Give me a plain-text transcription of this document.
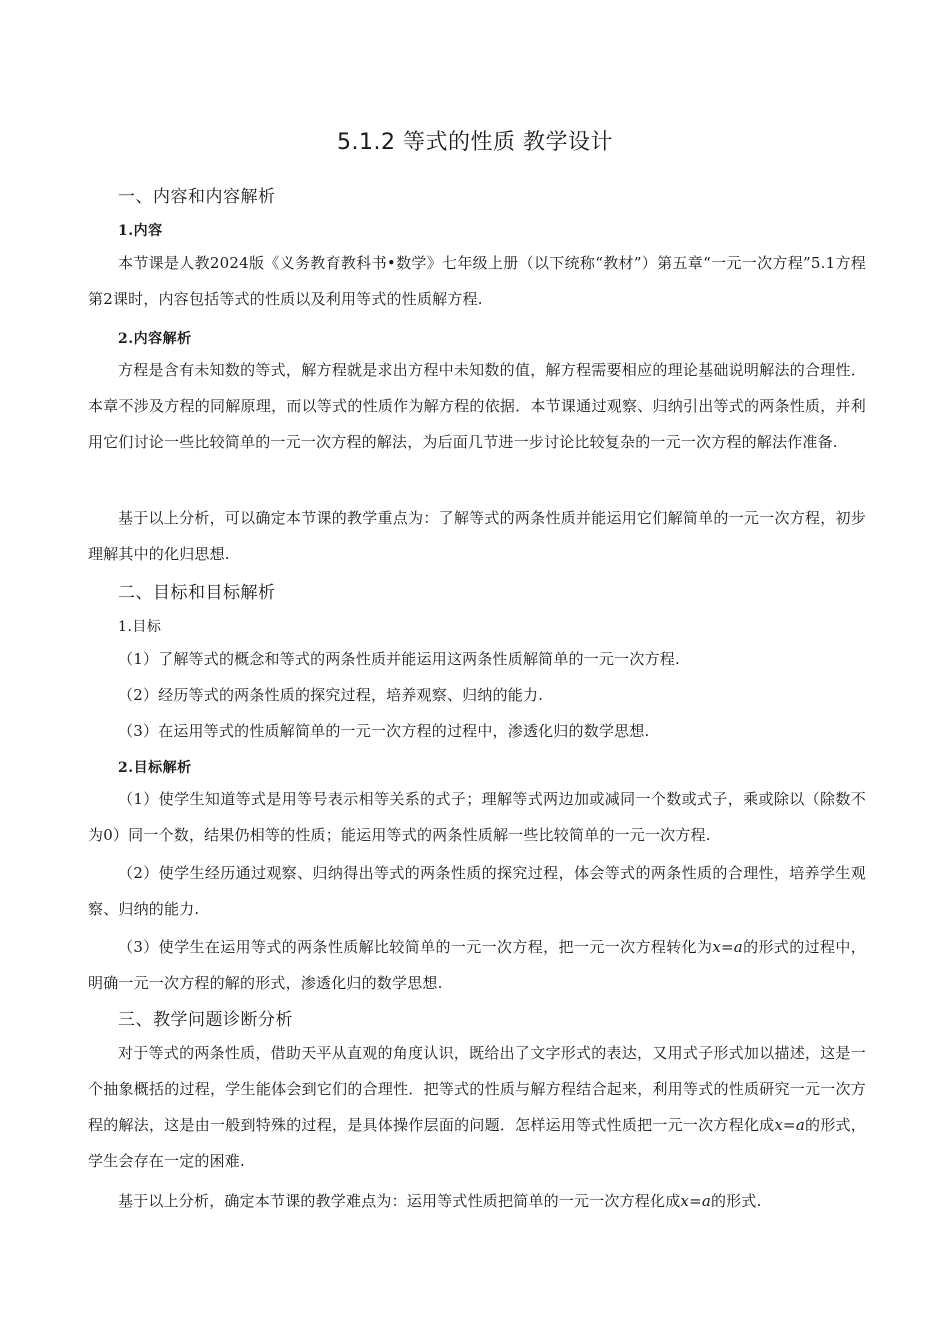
5.1.2 等式的性质 教学设计
一、内容和内容解析
1.内容
本节课是人教2024版《义务教育教科书•数学》七年级上册（以下统称“教材”）第五章“一元一次方程”5.1方程第2课时，内容包括等式的性质以及利用等式的性质解方程.
2.内容解析
方程是含有未知数的等式，解方程就是求出方程中未知数的值，解方程需要相应的理论基础说明解法的合理性．本章不涉及方程的同解原理，而以等式的性质作为解方程的依据．本节课通过观察、归纳引出等式的两条性质，并利用它们讨论一些比较简单的一元一次方程的解法，为后面几节进一步讨论比较复杂的一元一次方程的解法作准备.
基于以上分析，可以确定本节课的教学重点为：了解等式的两条性质并能运用它们解简单的一元一次方程，初步理解其中的化归思想.
二、目标和目标解析
1.目标
（1）了解等式的概念和等式的两条性质并能运用这两条性质解简单的一元一次方程.
（2）经历等式的两条性质的探究过程，培养观察、归纳的能力.
（3）在运用等式的性质解简单的一元一次方程的过程中，渗透化归的数学思想.
2.目标解析
（1）使学生知道等式是用等号表示相等关系的式子；理解等式两边加或减同一个数或式子，乘或除以（除数不为0）同一个数，结果仍相等的性质；能运用等式的两条性质解一些比较简单的一元一次方程.
（2）使学生经历通过观察、归纳得出等式的两条性质的探究过程，体会等式的两条性质的合理性，培养学生观察、归纳的能力.
（3）使学生在运用等式的两条性质解比较简单的一元一次方程，把一元一次方程转化为x=a的形式的过程中，明确一元一次方程的解的形式，渗透化归的数学思想.
三、教学问题诊断分析
对于等式的两条性质，借助天平从直观的角度认识，既给出了文字形式的表达，又用式子形式加以描述，这是一个抽象概括的过程，学生能体会到它们的合理性．把等式的性质与解方程结合起来，利用等式的性质研究一元一次方程的解法，这是由一般到特殊的过程，是具体操作层面的问题．怎样运用等式性质把一元一次方程化成x=a的形式，学生会存在一定的困难.
基于以上分析，确定本节课的教学难点为：运用等式性质把简单的一元一次方程化成x=a的形式.
